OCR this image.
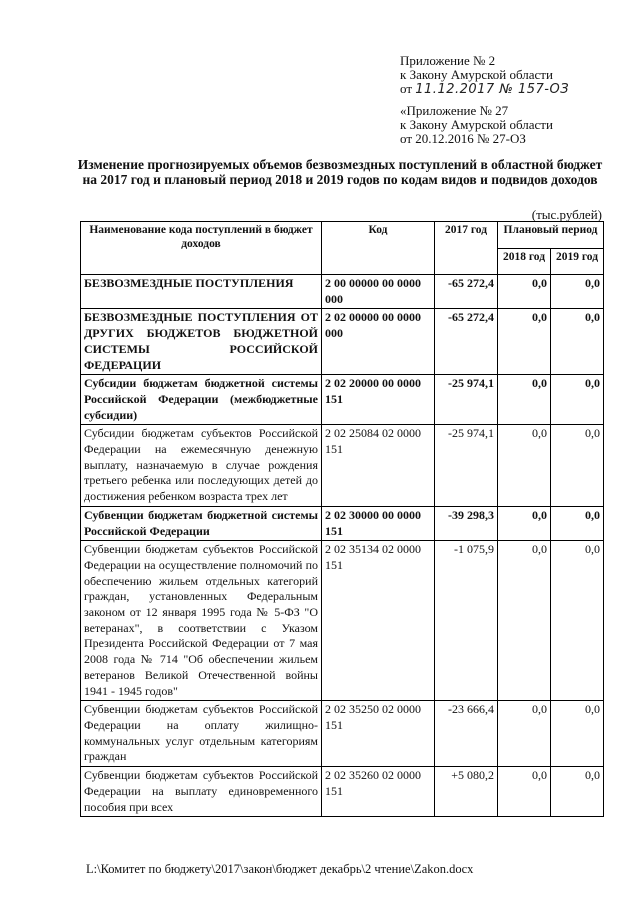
Приложение № 2
к Закону Амурской области
от 11.12.2017 № 157-ОЗ
«Приложение № 27
к Закону Амурской области
от 20.12.2016 № 27-ОЗ
Изменение прогнозируемых объемов безвозмездных поступлений в областной бюджет на 2017 год и плановый период 2018 и 2019 годов по кодам видов и подвидов доходов
(тыс.рублей)
Наименование кода поступлений в бюджет доходов	Код	2017 год	Плановый период	
			2018 год	2019 год
БЕЗВОЗМЕЗДНЫЕ ПОСТУПЛЕНИЯ	2 00 00000 00 0000 000	-65 272,4	0,0	0,0
БЕЗВОЗМЕЗДНЫЕ ПОСТУПЛЕНИЯ ОТ ДРУГИХ БЮДЖЕТОВ БЮДЖЕТНОЙ СИСТЕМЫ РОССИЙСКОЙ ФЕДЕРАЦИИ	2 02 00000 00 0000 000	-65 272,4	0,0	0,0
Субсидии бюджетам бюджетной системы Российской Федерации (межбюджетные субсидии)	2 02 20000 00 0000 151	-25 974,1	0,0	0,0
Субсидии бюджетам субъектов Российской Федерации на ежемесячную денежную выплату, назначаемую в случае рождения третьего ребенка или последующих детей до достижения ребенком возраста трех лет	2 02 25084 02 0000 151	-25 974,1	0,0	0,0
Субвенции бюджетам бюджетной системы Российской Федерации	2 02 30000 00 0000 151	-39 298,3	0,0	0,0
Субвенции бюджетам субъектов Российской Федерации на осуществление полномочий по обеспечению жильем отдельных категорий граждан, установленных Федеральным законом от 12 января 1995 года № 5-ФЗ "О ветеранах", в соответствии с Указом Президента Российской Федерации от 7 мая 2008 года № 714 "Об обеспечении жильем ветеранов Великой Отечественной войны 1941 - 1945 годов"	2 02 35134 02 0000 151	-1 075,9	0,0	0,0
Субвенции бюджетам субъектов Российской Федерации на оплату жилищно-коммунальных услуг отдельным категориям граждан	2 02 35250 02 0000 151	-23 666,4	0,0	0,0
Субвенции бюджетам субъектов Российской Федерации на выплату единовременного пособия при всех	2 02 35260 02 0000 151	+5 080,2	0,0	0,0
L:\Комитет по бюджету\2017\закон\бюджет декабрь\2 чтение\Zakon.docx
